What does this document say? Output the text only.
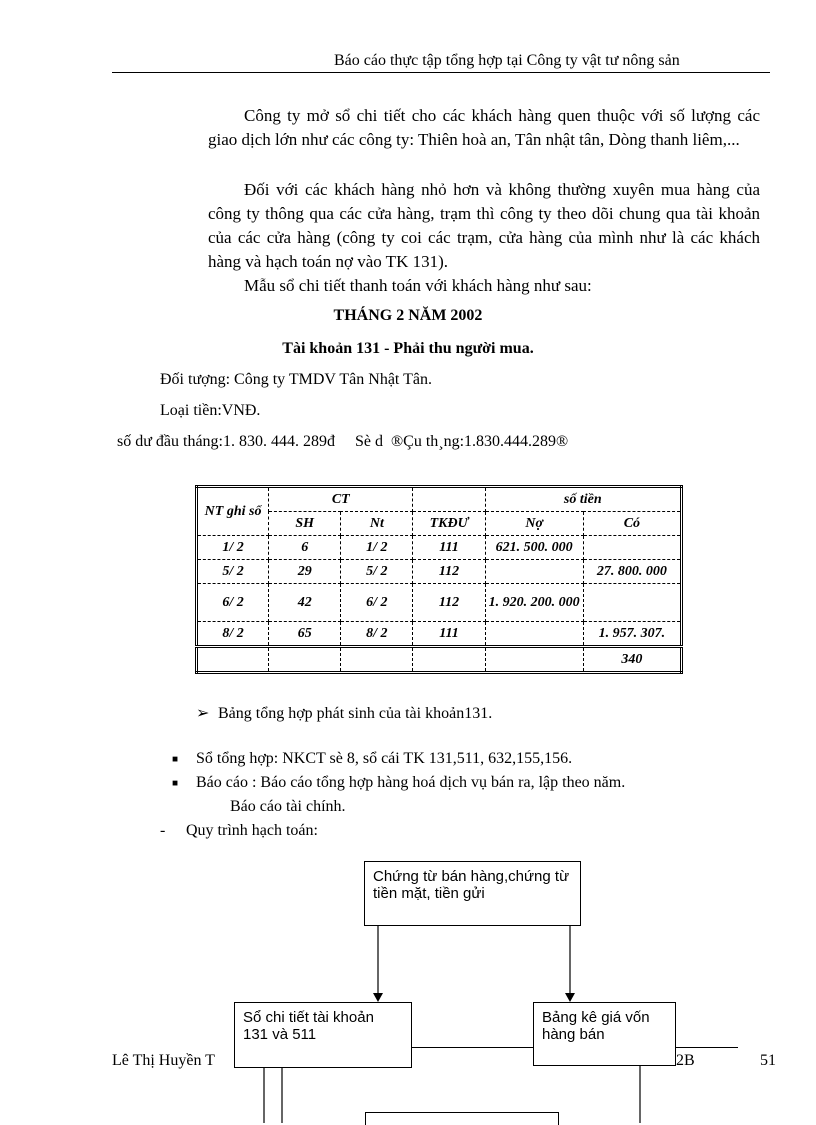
Báo cáo thực tập tổng hợp tại Công ty vật tư nông sản
Công ty mở sổ chi tiết cho các khách hàng quen thuộc với số lượng các giao dịch lớn như các công ty: Thiên hoà an, Tân nhật tân, Dòng thanh liêm,...
Đối với các khách hàng nhỏ hơn và không thường xuyên mua hàng của công ty thông qua các cửa hàng, trạm thì công ty theo dõi chung qua tài khoản của các cửa hàng (công ty coi các trạm, cửa hàng của mình như là các khách hàng và hạch toán nợ vào TK 131).
Mẫu sổ chi tiết thanh toán với khách hàng như sau:
THÁNG 2 NĂM 2002
Tài khoản 131 - Phải thu người mua.
Đối tượng: Công ty TMDV Tân Nhật Tân.
Loại tiền:VNĐ.
số dư đầu tháng:1. 830. 444. 289đ     Sè d  ®Çu th¸ng:1.830.444.289®
NT ghi sổ	CT			số tiền	
	SH	Nt	TKĐƯ	Nợ	Có
1/ 2	6	1/ 2	111	621. 500. 000	
5/ 2	29	5/ 2	112		27. 800. 000
6/ 2	42	6/ 2	112	1. 920. 200. 000	
8/ 2	65	8/ 2	111		1. 957. 307.
					340
➢ Bảng tổng hợp phát sinh của tài khoản131.
■ Sổ tổng hợp: NKCT sè 8, sổ cái TK 131,511, 632,155,156.
■ Báo cáo : Báo cáo tổng hợp hàng hoá dịch vụ bán ra, lập theo năm.
Báo cáo tài chính.
- Quy trình hạch toán:
Lê Thị Huyền T	2B	51
Chứng từ bán hàng,chứng từ tiền mặt, tiền gửi
Sổ chi tiết tài khoản 131 và 511
Bảng kê giá vốn hàng bán
